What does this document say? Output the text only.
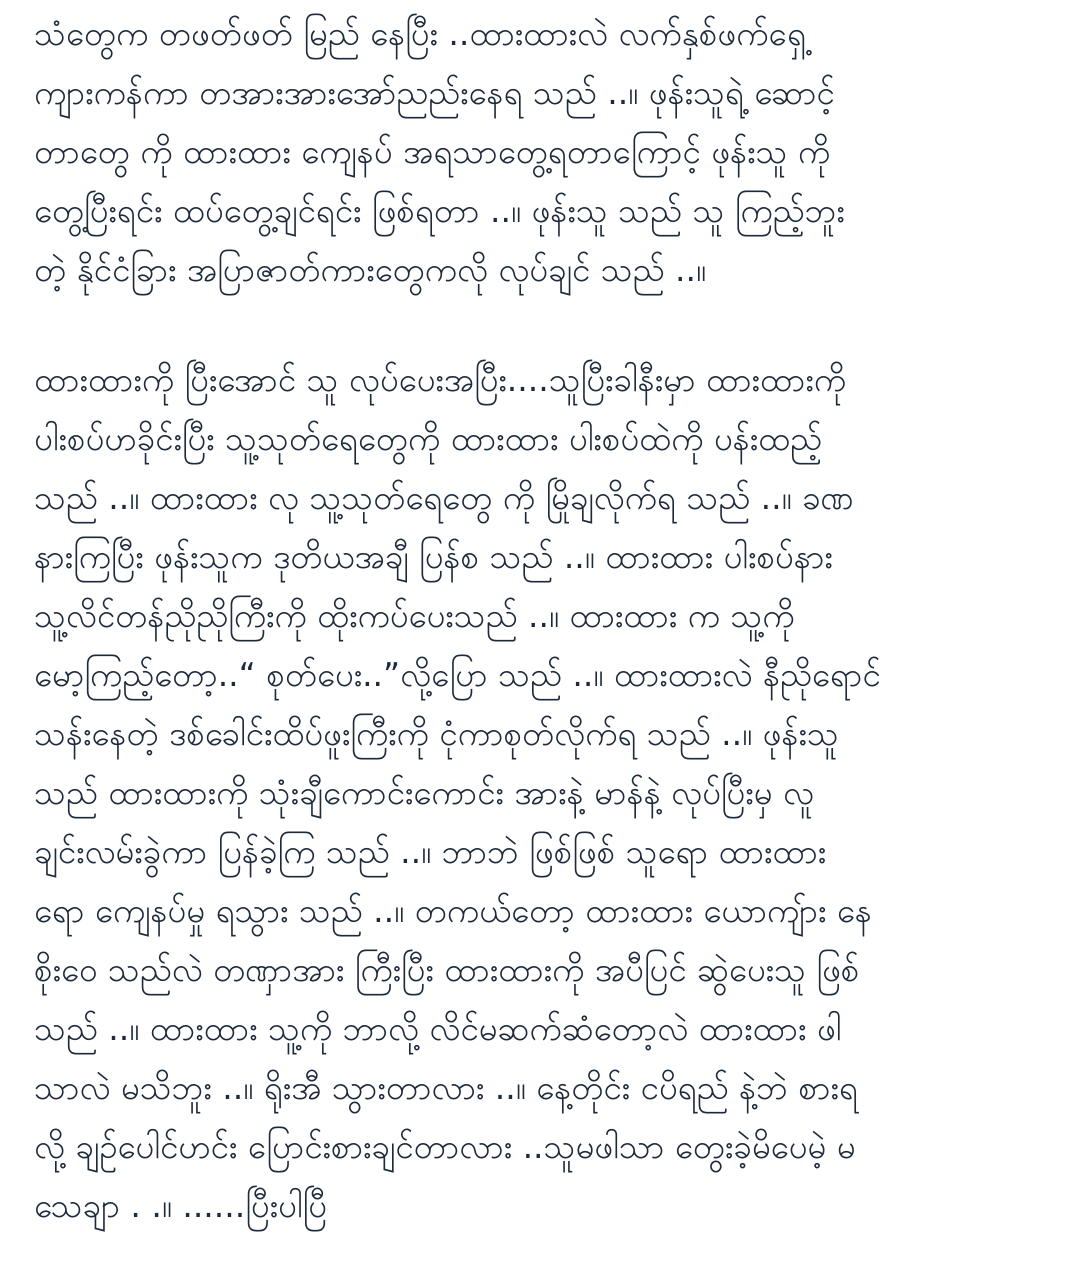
သံတွေက တဖတ်ဖတ် မြည် နေပြီး ..ထားထားလဲ လက်နှစ်ဖက်ရှေ့
ကျားကန်ကာ တအားအားအော်ညည်းနေရ သည် ..။ ဖုန်းသူရဲ့ ဆောင့်
တာတွေ ကို ထားထား ကျေနပ် အရသာတွေ့ရတာကြောင့် ဖုန်းသူ ကို
တွေ့ပြီးရင်း ထပ်တွေ့ချင်ရင်း ဖြစ်ရတာ ..။ ဖုန်းသူ သည် သူ ကြည့်ဘူး
တဲ့ နိုင်ငံခြား အပြာဇာတ်ကားတွေကလို လုပ်ချင် သည် ..။
ထားထားကို ပြီးအောင် သူ လုပ်ပေးအပြီး....သူပြီးခါနီးမှာ ထားထားကို
ပါးစပ်ဟခိုင်းပြီး သူ့သုတ်ရေတွေကို ထားထား ပါးစပ်ထဲကို ပန်းထည့်
သည် ..။ ထားထား လု သူ့သုတ်ရေတွေ ကို မြိုချလိုက်ရ သည် ..။ ခဏ
နားကြပြီး ဖုန်းသူက ဒုတိယအချီ ပြန်စ သည် ..။ ထားထား ပါးစပ်နား
သူ့လိင်တန်ညိုညိုကြီးကို ထိုးကပ်ပေးသည် ..။ ထားထား က သူ့ကို
မော့ကြည့်တော့..“ စုတ်ပေး..”လို့ပြော သည် ..။ ထားထားလဲ နီညိုရောင်
သန်းနေတဲ့ ဒစ်ခေါင်းထိပ်ဖူးကြီးကို ငုံကာစုတ်လိုက်ရ သည် ..။ ဖုန်းသူ
သည် ထားထားကို သုံးချီကောင်းကောင်း အားနဲ့ မာန်နဲ့ လုပ်ပြီးမှ လူ
ချင်းလမ်းခွဲကာ ပြန်ခဲ့ကြ သည် ..။ ဘာဘဲ ဖြစ်ဖြစ် သူရော ထားထား
ရော ကျေနပ်မှု ရသွား သည် ..။ တကယ်တော့ ထားထား ယောကျ်ား နေ
စိုးဝေ သည်လဲ တဏှာအား ကြီးပြီး ထားထားကို အပီပြင် ဆွဲပေးသူ ဖြစ်
သည် ..။ ထားထား သူ့ကို ဘာလို့ လိင်မဆက်ဆံတော့လဲ ထားထား ဖါ
သာလဲ မသိဘူး ..။ ရိုးအီ သွားတာလား ..။ နေ့တိုင်း ငပိရည် နဲ့ဘဲ စားရ
လို့ ချဉ်ပေါင်ဟင်း ပြောင်းစားချင်တာလား ..သူမဖါသာ တွေးခဲ့မိပေမဲ့ မ
သေချာ . .။ ......ပြီးပါပြီ
